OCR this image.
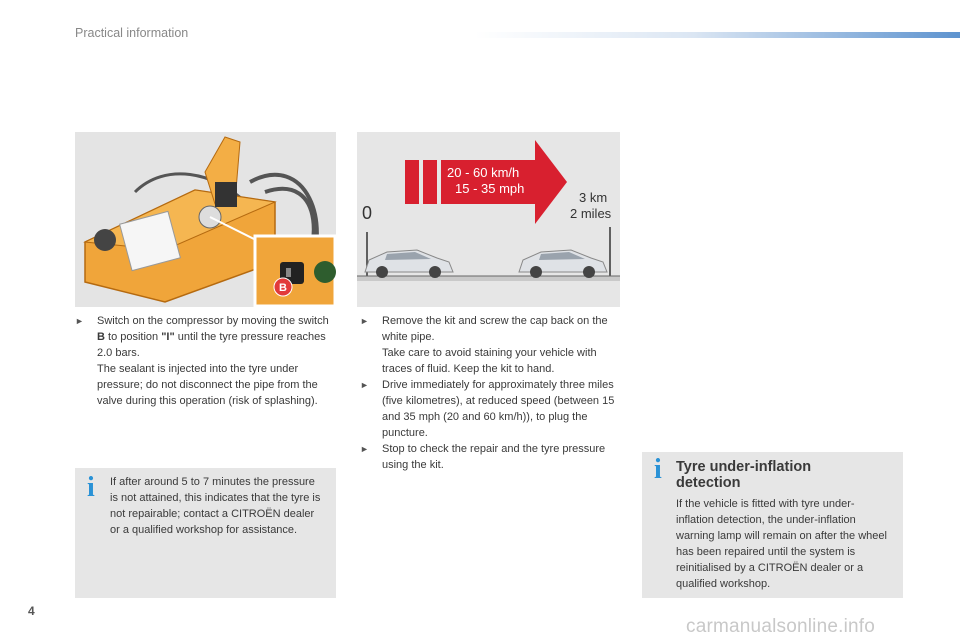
Practical information
B
20 - 60 km/h
15 - 35 mph
0
3 km
2 miles
► Switch on the compressor by moving the switch B to position "I" until the tyre pressure reaches 2.0 bars.
The sealant is injected into the tyre under pressure; do not disconnect the pipe from the valve during this operation (risk of splashing).
i If after around 5 to 7 minutes the pressure is not attained, this indicates that the tyre is not repairable; contact a CITROËN dealer or a qualified workshop for assistance.
► Remove the kit and screw the cap back on the white pipe.
Take care to avoid staining your vehicle with traces of fluid. Keep the kit to hand.
► Drive immediately for approximately three miles (five kilometres), at reduced speed (between 15 and 35 mph (20 and 60 km/h)), to plug the puncture.
► Stop to check the repair and the tyre pressure using the kit.	i Tyre under-inflation detection
If the vehicle is fitted with tyre under-inflation detection, the under-inflation warning lamp will remain on after the wheel has been repaired until the system is reinitialised by a CITROËN dealer or a qualified workshop.
4
carmanualsonline.info
